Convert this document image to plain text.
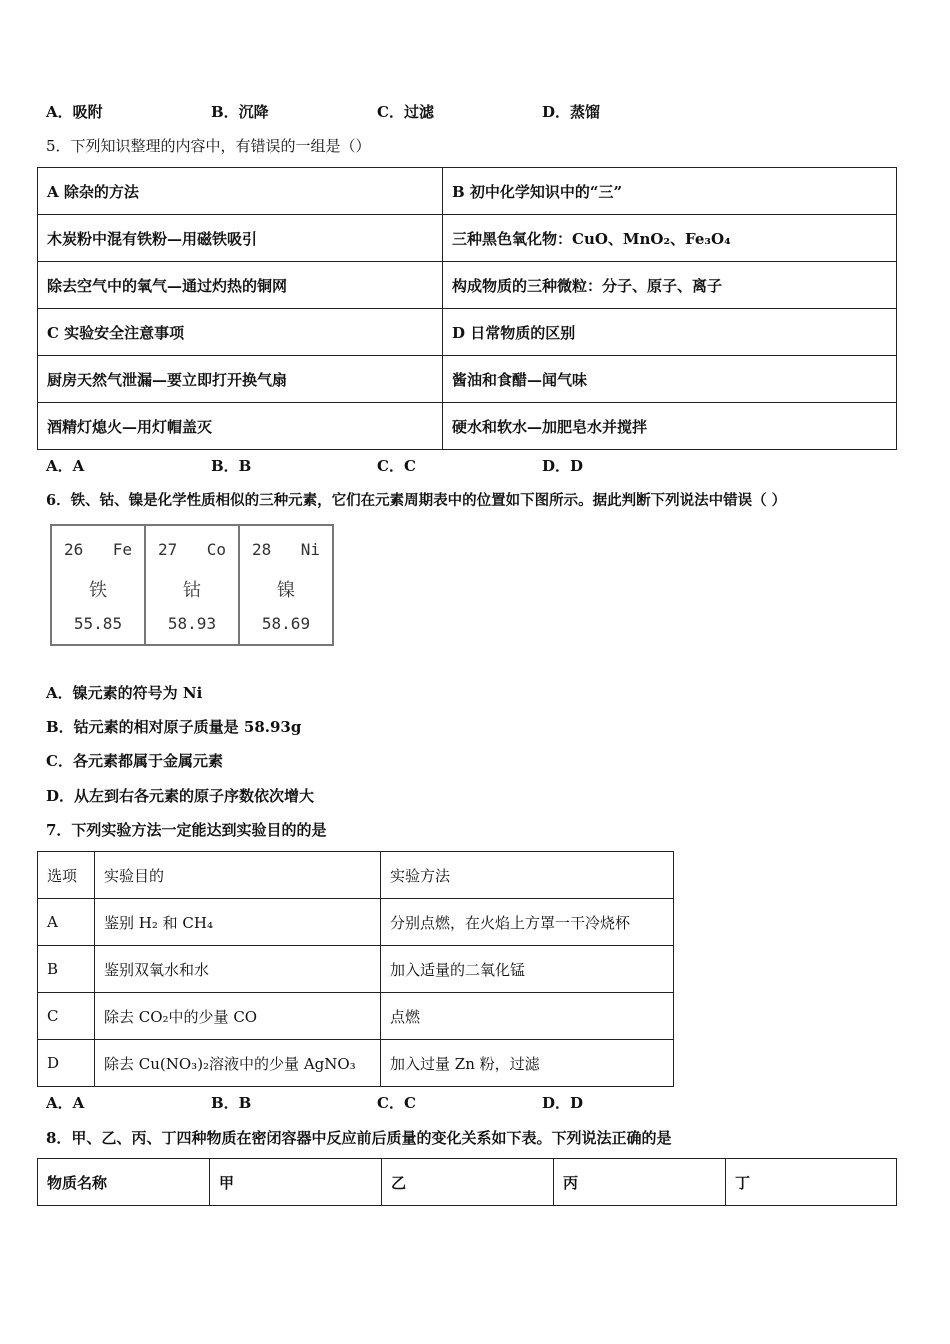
A．吸附	B．沉降	C．过滤	D．蒸馏
5．下列知识整理的内容中，有错误的一组是（）
A 除杂的方法	B 初中化学知识中的“三”
木炭粉中混有铁粉—用磁铁吸引	三种黑色氧化物：CuO、MnO₂、Fe₃O₄
除去空气中的氧气—通过灼热的铜网	构成物质的三种微粒：分子、原子、离子
C 实验安全注意事项	D 日常物质的区别
厨房天然气泄漏—要立即打开换气扇	酱油和食醋—闻气味
酒精灯熄火—用灯帽盖灭	硬水和软水—加肥皂水并搅拌
A．A	B．B	C．C	D．D
6．铁、钴、镍是化学性质相似的三种元素，它们在元素周期表中的位置如下图所示。据此判断下列说法中错误（ ）
26 Fe
铁
55.85
27 Co
钴
58.93
28 Ni
镍
58.69
A．镍元素的符号为 Ni
B．钴元素的相对原子质量是 58.93g
C．各元素都属于金属元素
D．从左到右各元素的原子序数依次增大
7．下列实验方法一定能达到实验目的的是
选项	实验目的	实验方法
A	鉴别 H₂ 和 CH₄	分别点燃，在火焰上方罩一干冷烧杯
B	鉴别双氧水和水	加入适量的二氧化锰
C	除去 CO₂中的少量 CO	点燃
D	除去 Cu(NO₃)₂溶液中的少量 AgNO₃	加入过量 Zn 粉，过滤
A．A	B．B	C．C	D．D
8．甲、乙、丙、丁四种物质在密闭容器中反应前后质量的变化关系如下表。下列说法正确的是
物质名称	甲	乙	丙	丁
